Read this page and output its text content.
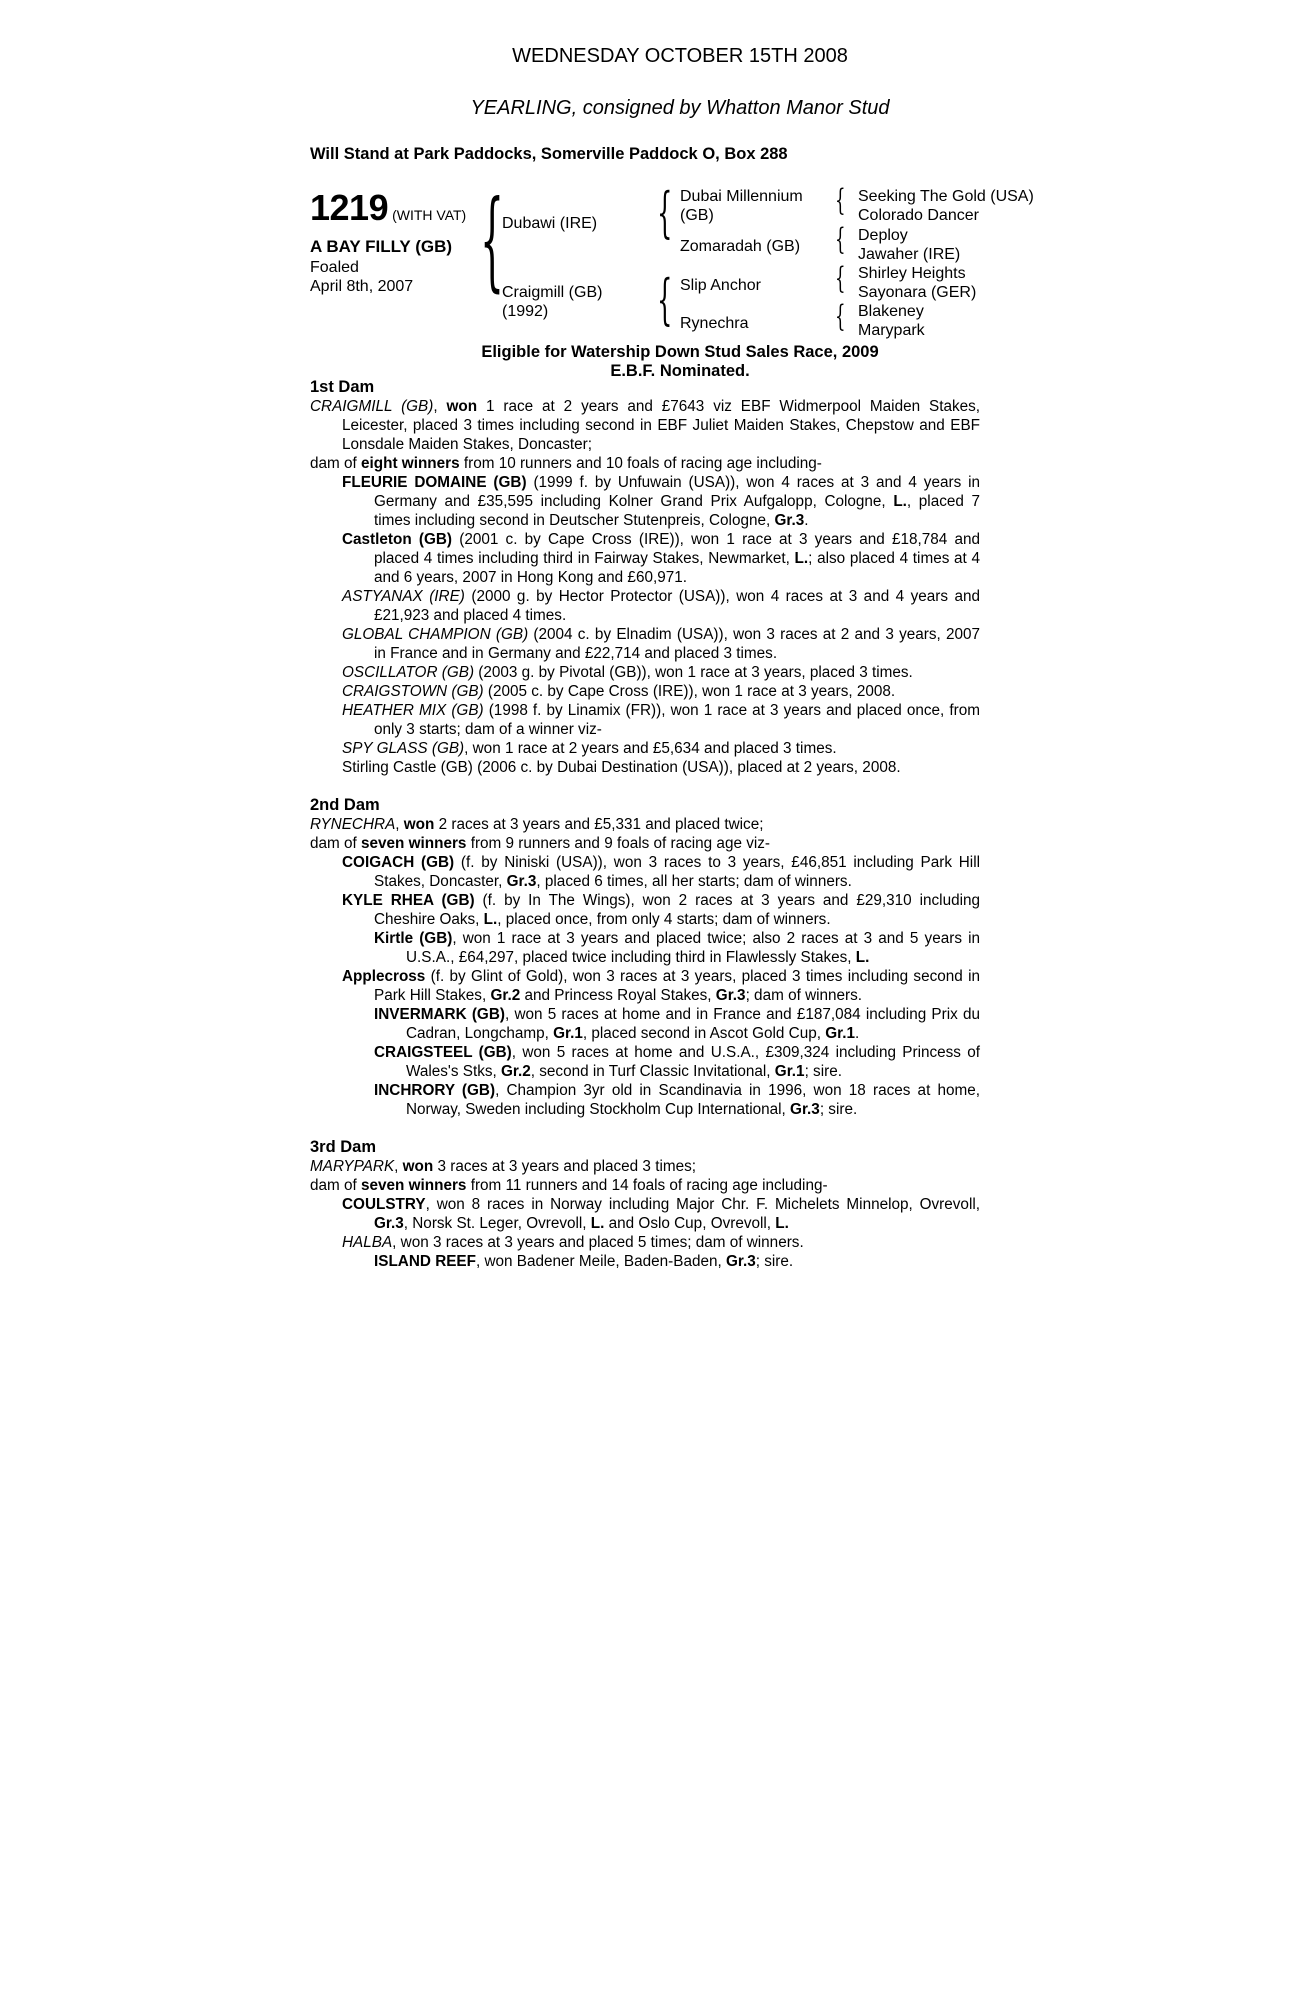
WEDNESDAY OCTOBER 15TH 2008
YEARLING, consigned by Whatton Manor Stud
Will Stand at Park Paddocks, Somerville Paddock O, Box 288
1219 (WITH VAT)
A BAY FILLY (GB)
Foaled
April 8th, 2007 {
Dubawi (IRE)
Craigmill (GB)
(1992)
{ Dubai Millennium
(GB)
Zomaradah (GB)
{ Slip Anchor
Rynechra
{
{
{
{
Seeking The Gold (USA)
Colorado Dancer
Deploy
Jawaher (IRE)
Shirley Heights
Sayonara (GER)
Blakeney
Marypark
Eligible for Watership Down Stud Sales Race, 2009
E.B.F. Nominated.
1st Dam

CRAIGMILL (GB), won 1 race at 2 years and £7643 viz EBF Widmerpool Maiden Stakes, Leicester, placed 3 times including second in EBF Juliet Maiden Stakes, Chepstow and EBF Lonsdale Maiden Stakes, Doncaster;

dam of eight winners from 10 runners and 10 foals of racing age including-

FLEURIE DOMAINE (GB) (1999 f. by Unfuwain (USA)), won 4 races at 3 and 4 years in Germany and £35,595 including Kolner Grand Prix Aufgalopp, Cologne, L., placed 7 times including second in Deutscher Stutenpreis, Cologne, Gr.3.

Castleton (GB) (2001 c. by Cape Cross (IRE)), won 1 race at 3 years and £18,784 and placed 4 times including third in Fairway Stakes, Newmarket, L.; also placed 4 times at 4 and 6 years, 2007 in Hong Kong and £60,971.

ASTYANAX (IRE) (2000 g. by Hector Protector (USA)), won 4 races at 3 and 4 years and £21,923 and placed 4 times.

GLOBAL CHAMPION (GB) (2004 c. by Elnadim (USA)), won 3 races at 2 and 3 years, 2007 in France and in Germany and £22,714 and placed 3 times.

OSCILLATOR (GB) (2003 g. by Pivotal (GB)), won 1 race at 3 years, placed 3 times.

CRAIGSTOWN (GB) (2005 c. by Cape Cross (IRE)), won 1 race at 3 years, 2008.

HEATHER MIX (GB) (1998 f. by Linamix (FR)), won 1 race at 3 years and placed once, from only 3 starts; dam of a winner viz-

SPY GLASS (GB), won 1 race at 2 years and £5,634 and placed 3 times.

Stirling Castle (GB) (2006 c. by Dubai Destination (USA)), placed at 2 years, 2008.

2nd Dam

RYNECHRA, won 2 races at 3 years and £5,331 and placed twice;

dam of seven winners from 9 runners and 9 foals of racing age viz-

COIGACH (GB) (f. by Niniski (USA)), won 3 races to 3 years, £46,851 including Park Hill Stakes, Doncaster, Gr.3, placed 6 times, all her starts; dam of winners.

KYLE RHEA (GB) (f. by In The Wings), won 2 races at 3 years and £29,310 including Cheshire Oaks, L., placed once, from only 4 starts; dam of winners.

Kirtle (GB), won 1 race at 3 years and placed twice; also 2 races at 3 and 5 years in U.S.A., £64,297, placed twice including third in Flawlessly Stakes, L.

Applecross (f. by Glint of Gold), won 3 races at 3 years, placed 3 times including second in Park Hill Stakes, Gr.2 and Princess Royal Stakes, Gr.3; dam of winners.

INVERMARK (GB), won 5 races at home and in France and £187,084 including Prix du Cadran, Longchamp, Gr.1, placed second in Ascot Gold Cup, Gr.1.

CRAIGSTEEL (GB), won 5 races at home and U.S.A., £309,324 including Princess of Wales's Stks, Gr.2, second in Turf Classic Invitational, Gr.1; sire.

INCHRORY (GB), Champion 3yr old in Scandinavia in 1996, won 18 races at home, Norway, Sweden including Stockholm Cup International, Gr.3; sire.

3rd Dam

MARYPARK, won 3 races at 3 years and placed 3 times;

dam of seven winners from 11 runners and 14 foals of racing age including-

COULSTRY, won 8 races in Norway including Major Chr. F. Michelets Minnelop, Ovrevoll, Gr.3, Norsk St. Leger, Ovrevoll, L. and Oslo Cup, Ovrevoll, L.

HALBA, won 3 races at 3 years and placed 5 times; dam of winners.

ISLAND REEF, won Badener Meile, Baden-Baden, Gr.3; sire.
